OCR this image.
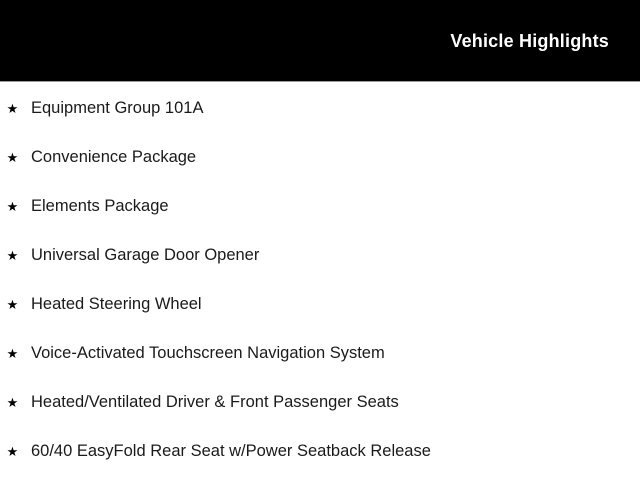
Vehicle Highlights
★ Equipment Group 101A
★ Convenience Package
★ Elements Package
★ Universal Garage Door Opener
★ Heated Steering Wheel
★ Voice-Activated Touchscreen Navigation System
★ Heated/Ventilated Driver & Front Passenger Seats
★ 60/40 EasyFold Rear Seat w/Power Seatback Release
